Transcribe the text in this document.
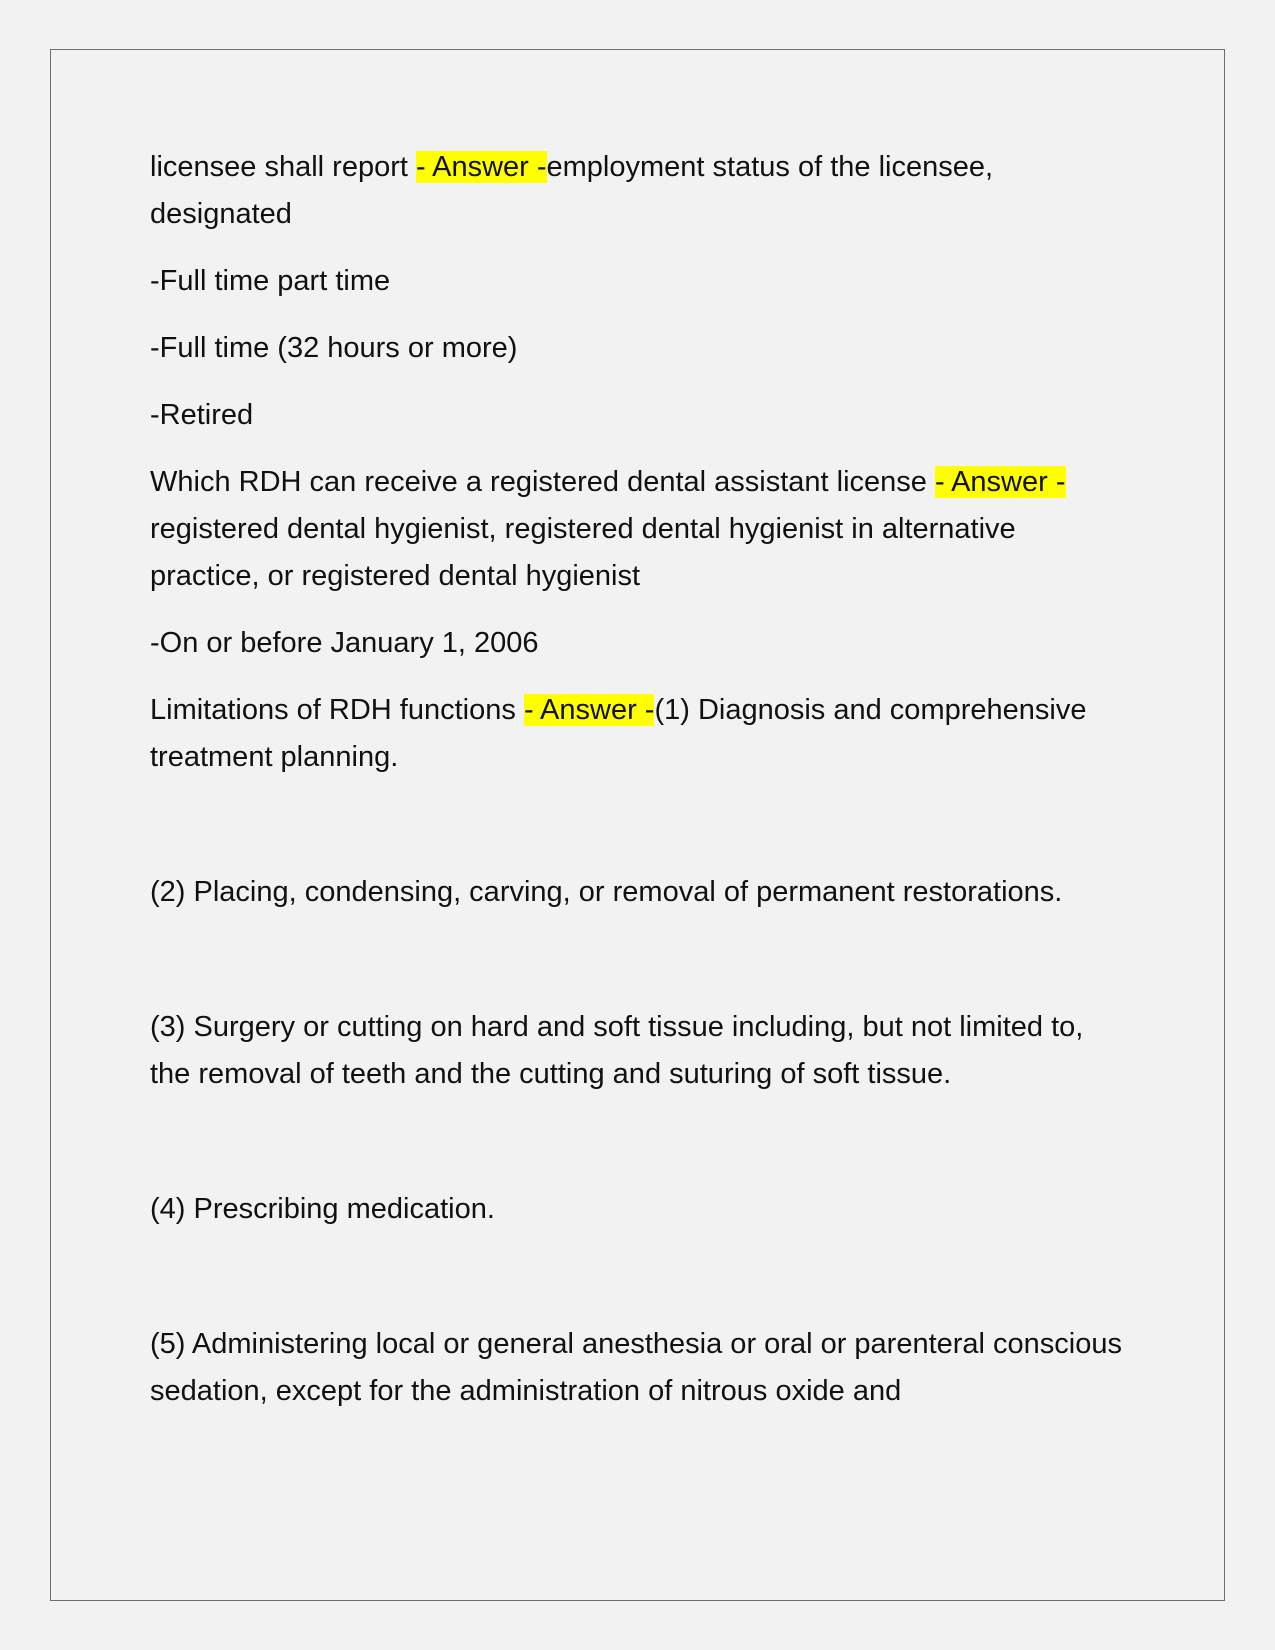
licensee shall report - Answer -employment status of the licensee, designated

-Full time part time

-Full time (32 hours or more)

-Retired

Which RDH can receive a registered dental assistant license - Answer -registered dental hygienist, registered dental hygienist in alternative practice, or registered dental hygienist

-On or before January 1, 2006

Limitations of RDH functions - Answer -(1) Diagnosis and comprehensive treatment planning.

(2) Placing, condensing, carving, or removal of permanent restorations.

(3) Surgery or cutting on hard and soft tissue including, but not limited to, the removal of teeth and the cutting and suturing of soft tissue.

(4) Prescribing medication.

(5) Administering local or general anesthesia or oral or parenteral conscious sedation, except for the administration of nitrous oxide and
